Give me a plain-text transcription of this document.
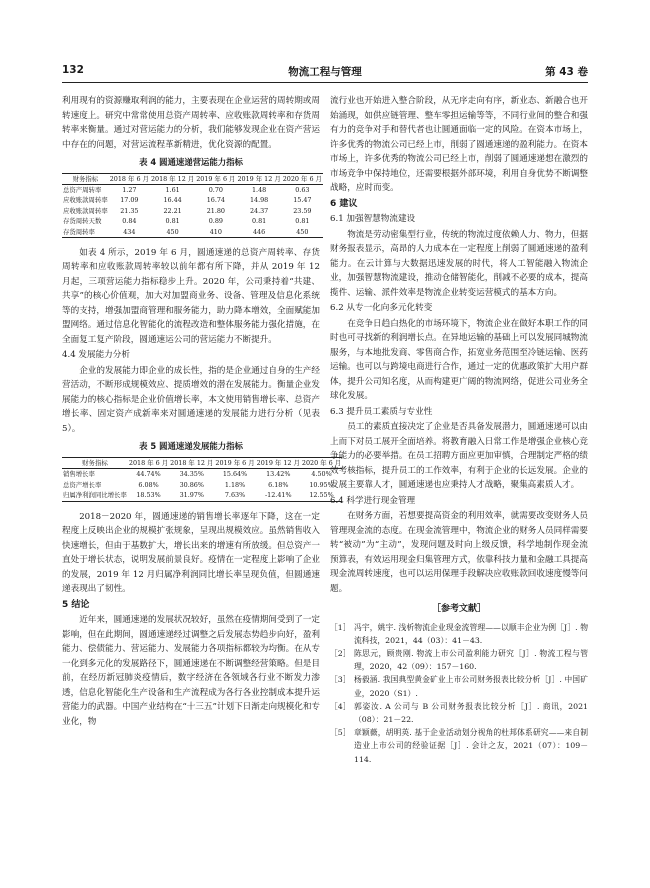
132	物流工程与管理	第 43 卷

利用现有的资源赚取利润的能力，主要表现在企业运营的周转期或周转速度上。研究中常常使用总资产周转率、应收账款周转率和存货周转率来衡量。通过对营运能力的分析，我们能够发现企业在资产营运中存在的问题，对营运流程革新精进，优化资源的配置。

表 4 圆通速递营运能力指标
财务指标	2018 年 6 月	2018 年 12 月	2019 年 6 月	2019 年 12 月	2020 年 6 月
总资产周转率	1.27	1.61	0.70	1.48	0.63
应收账款周转率	17.09	16.44	16.74	14.98	15.47
应收账款周转率	21.35	22.21	21.80	24.37	23.59
存货周转天数	0.84	0.81	0.89	0.81	0.81
存货周转率	434	450	410	446	450

如表 4 所示，2019 年 6 月，圆通速递的总资产周转率、存货周转率和应收账款周转率较以前年都有所下降，并从 2019 年 12 月起，三项营运能力指标稳步上升。2020 年，公司秉持着“共建、共享”的核心价值观，加大对加盟商业务、设备、管理及信息化系统等的支持，增强加盟商管理和服务能力，助力降本增效，全面赋能加盟网络。通过信息化智能化的流程改造和整体服务能力强化措施，在全面复工复产阶段，圆通速运公司的营运能力不断提升。

4.4 发展能力分析

企业的发展能力即企业的成长性，指的是企业通过自身的生产经营活动，不断形成规模效应、提质增效的潜在发展能力。衡量企业发展能力的核心指标是企业价值增长率，本文使用销售增长率、总资产增长率、固定资产成新率来对圆通速递的发展能力进行分析（见表 5）。

表 5 圆通速递发展能力指标
财务指标	2018 年 6 月	2018 年 12 月	2019 年 6 月	2019 年 12 月	2020 年 6 月
销售增长率	44.74%	34.35%	15.64%	13.42%	4.50%
总资产增长率	6.08%	30.86%	1.18%	6.18%	10.95%
归属净利润同比增长率	18.53%	31.97%	7.63%	-12.41%	12.55%

2018－2020 年，圆通速递的销售增长率逐年下降，这在一定程度上反映出企业的规模扩张规象，呈现出规模效应。虽然销售收入快速增长，但由于基数扩大，增长出来的增速有所放缓。但总资产一直处于增长状态，说明发展前景良好。疫情在一定程度上影响了企业的发展，2019 年 12 月归属净利润同比增长率呈现负值，但圆通速递表现出了韧性。

5 结论

近年来，圆通速递的发展状况较好，虽然在疫情期间受到了一定影响，但在此期间，圆通速递经过调整之后发展态势趋步向好，盈利能力、偿债能力、营运能力、发展能力各项指标都较为均衡。在从专一化到多元化的发展路径下，圆通速递在不断调整经营策略。但是目前，在经历新冠肺炎疫情后，数字经济在各领域各行业不断发力渗透，信息化智能化生产设备和生产流程成为各行各业控制成本提升运营能力的武器。中国产业结构在“十三五”计划下日渐走向规模化和专业化，物

流行业也开始进入整合阶段，从无序走向有序，新业态、新融合也开始涌现，如供应链管理、整车零担运输等等，不同行业间的整合和强有力的竞争对手和替代者也让圆通面临一定的风险。在资本市场上，许多优秀的物流公司已经上市，削弱了圆通速递的盈利能力。在资本市场上，许多优秀的物流公司已经上市，削弱了圆通速递想在激烈的市场竞争中保持地位，还需要根据外部环境，利用自身优势不断调整战略，应时而变。

6 建议
6.1 加强智慧物流建设

物流是劳动密集型行业，传统的物流过度依赖人力、物力，但据财务报表显示，高昂的人力成本在一定程度上削弱了圆通速递的盈利能力。在云计算与大数据迅速发展的时代，将人工智能融入物流企业，加强智慧物流建设，推动仓储智能化，削减不必要的成本，提高揽件、运输、派件效率是物流企业转变运营模式的基本方向。

6.2 从专一化向多元化转变

在竞争日趋白热化的市场环境下，物流企业在做好本职工作的同时也可寻找新的利润增长点。在异地运输的基础上可以发展同城物流服务，与本地批发商、零售商合作，拓宽业务范围至冷链运输、医药运输。也可以与跨境电商进行合作，通过一定的优惠政策扩大用户群体，提升公司知名度，从而构建更广阔的物流网络，促进公司业务全球化发展。

6.3 提升员工素质与专业性

员工的素质直接决定了企业是否具备发展潜力，圆通速递可以由上而下对员工展开全面培养。将教育融入日常工作是增强企业核心竞争能力的必要举措。在员工招聘方面应更加审慎，合理制定严格的绩效考核指标，提升员工的工作效率，有利于企业的长远发展。企业的发展主要靠人才，圆通速递也应秉持人才战略，聚集高素质人才。

6.4 科学进行现金管理

在财务方面，若想要提高资金的利用效率，就需要改变财务人员管理现金流的态度。在现金流管理中，物流企业的财务人员同样需要转“被动”为“主动”，发现问题及时向上级反馈，科学地制作现金流预算表，有效运用现金归集管理方式，依靠科技力量和金融工具提高现金流周转速度，也可以运用保理手段解决应收账款回收速度慢等问题。

［参考文献］
［1］ 冯宇，姚宇. 浅析物流企业现金流管理——以顺丰企业为例［J］. 物流科技，2021，44（03）：41－43.
［2］ 陈思元，顾贵刚. 物流上市公司盈利能力研究［J］. 物流工程与管理，2020，42（09）：157－160.
［3］ 杨毅涵. 我国典型黄金矿业上市公司财务报表比较分析［J］. 中国矿业，2020（S1）.
［4］ 郭姿汝. A 公司与 B 公司财务报表比较分析［J］. 商讯，2021（08）：21－22.
［5］ 章颖薇，胡明英. 基于企业活动划分视角的杜邦体系研究——来自制造业上市公司的经验证据［J］. 会计之友，2021（07）：109－114.
